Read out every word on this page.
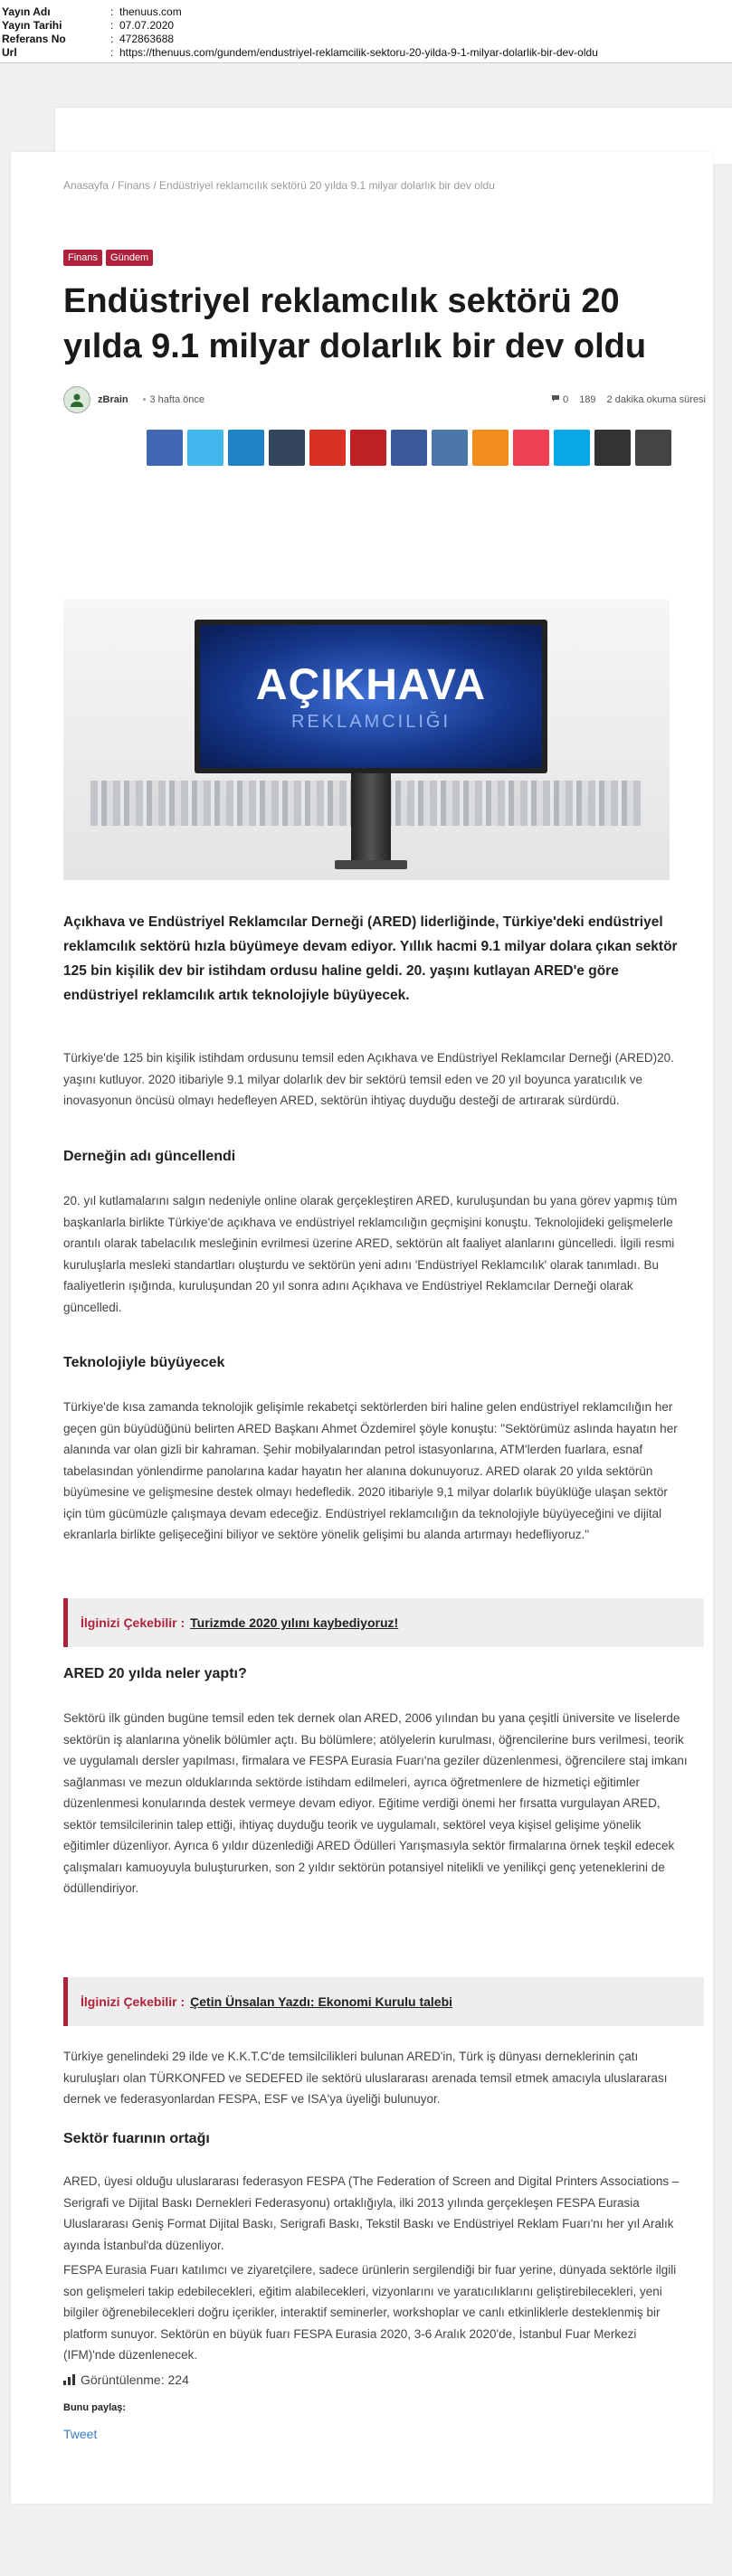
Yayın Adı	: thenuus.com
Yayın Tarihi	: 07.07.2020
Referans No	: 472863688
Url	: https://thenuus.com/gundem/endustriyel-reklamcilik-sektoru-20-yilda-9-1-milyar-dolarlik-bir-dev-oldu
Anasayfa / Finans / Endüstriyel reklamcılık sektörü 20 yılda 9.1 milyar dolarlık bir dev oldu
Finans	Gündem
Endüstriyel reklamcılık sektörü 20 yılda 9.1 milyar dolarlık bir dev oldu
zBrain • 3 hafta önce	0 189 2 dakika okuma süresi
AÇIKHAVA
REKLAMCILIĞI

Açıkhava ve Endüstriyel Reklamcılar Derneği (ARED) liderliğinde, Türkiye'deki endüstriyel reklamcılık sektörü hızla büyümeye devam ediyor. Yıllık hacmi 9.1 milyar dolara çıkan sektör 125 bin kişilik dev bir istihdam ordusu haline geldi. 20. yaşını kutlayan ARED'e göre endüstriyel reklamcılık artık teknolojiyle büyüyecek.

Türkiye'de 125 bin kişilik istihdam ordusunu temsil eden Açıkhava ve Endüstriyel Reklamcılar Derneği (ARED)20. yaşını kutluyor. 2020 itibariyle 9.1 milyar dolarlık dev bir sektörü temsil eden ve 20 yıl boyunca yaratıcılık ve inovasyonun öncüsü olmayı hedefleyen ARED, sektörün ihtiyaç duyduğu desteği de artırarak sürdürdü.

Derneğin adı güncellendi

20. yıl kutlamalarını salgın nedeniyle online olarak gerçekleştiren ARED, kuruluşundan bu yana görev yapmış tüm başkanlarla birlikte Türkiye'de açıkhava ve endüstriyel reklamcılığın geçmişini konuştu. Teknolojideki gelişmelerle orantılı olarak tabelacılık mesleğinin evrilmesi üzerine ARED, sektörün alt faaliyet alanlarını güncelledi. İlgili resmi kuruluşlarla mesleki standartları oluşturdu ve sektörün yeni adını 'Endüstriyel Reklamcılık' olarak tanımladı. Bu faaliyetlerin ışığında, kuruluşundan 20 yıl sonra adını Açıkhava ve Endüstriyel Reklamcılar Derneği olarak güncelledi.

Teknolojiyle büyüyecek

Türkiye'de kısa zamanda teknolojik gelişimle rekabetçi sektörlerden biri haline gelen endüstriyel reklamcılığın her geçen gün büyüdüğünü belirten ARED Başkanı Ahmet Özdemirel şöyle konuştu: "Sektörümüz aslında hayatın her alanında var olan gizli bir kahraman. Şehir mobilyalarından petrol istasyonlarına, ATM'lerden fuarlara, esnaf tabelasından yönlendirme panolarına kadar hayatın her alanına dokunuyoruz. ARED olarak 20 yılda sektörün büyümesine ve gelişmesine destek olmayı hedefledik. 2020 itibariyle 9,1 milyar dolarlık büyüklüğe ulaşan sektör için tüm gücümüzle çalışmaya devam edeceğiz. Endüstriyel reklamcılığın da teknolojiyle büyüyeceğini ve dijital ekranlarla birlikte gelişeceğini biliyor ve sektöre yönelik gelişimi bu alanda artırmayı hedefliyoruz."

İlginizi Çekebilir : Turizmde 2020 yılını kaybediyoruz!
ARED 20 yılda neler yaptı?

Sektörü ilk günden bugüne temsil eden tek dernek olan ARED, 2006 yılından bu yana çeşitli üniversite ve liselerde sektörün iş alanlarına yönelik bölümler açtı. Bu bölümlere; atölyelerin kurulması, öğrencilerine burs verilmesi, teorik ve uygulamalı dersler yapılması, firmalara ve FESPA Eurasia Fuarı'na geziler düzenlenmesi, öğrencilere staj imkanı sağlanması ve mezun olduklarında sektörde istihdam edilmeleri, ayrıca öğretmenlere de hizmetiçi eğitimler düzenlenmesi konularında destek vermeye devam ediyor. Eğitime verdiği önemi her fırsatta vurgulayan ARED, sektör temsilcilerinin talep ettiği, ihtiyaç duyduğu teorik ve uygulamalı, sektörel veya kişisel gelişime yönelik eğitimler düzenliyor. Ayrıca 6 yıldır düzenlediği ARED Ödülleri Yarışmasıyla sektör firmalarına örnek teşkil edecek çalışmaları kamuoyuyla buluştururken, son 2 yıldır sektörün potansiyel nitelikli ve yenilikçi genç yeteneklerini de ödüllendiriyor.

İlginizi Çekebilir : Çetin Ünsalan Yazdı: Ekonomi Kurulu talebi

Türkiye genelindeki 29 ilde ve K.K.T.C'de temsilcilikleri bulunan ARED'in, Türk iş dünyası derneklerinin çatı kuruluşları olan TÜRKONFED ve SEDEFED ile sektörü uluslararası arenada temsil etmek amacıyla uluslararası dernek ve federasyonlardan FESPA, ESF ve ISA'ya üyeliği bulunuyor.

Sektör fuarının ortağı

ARED, üyesi olduğu uluslararası federasyon FESPA (The Federation of Screen and Digital Printers Associations – Serigrafi ve Dijital Baskı Dernekleri Federasyonu) ortaklığıyla, ilki 2013 yılında gerçekleşen FESPA Eurasia Uluslararası Geniş Format Dijital Baskı, Serigrafi Baskı, Tekstil Baskı ve Endüstriyel Reklam Fuarı'nı her yıl Aralık ayında İstanbul'da düzenliyor.

FESPA Eurasia Fuarı katılımcı ve ziyaretçilere, sadece ürünlerin sergilendiği bir fuar yerine, dünyada sektörle ilgili son gelişmeleri takip edebilecekleri, eğitim alabilecekleri, vizyonlarını ve yaratıcılıklarını geliştirebilecekleri, yeni bilgiler öğrenebilecekleri doğru içerikler, interaktif seminerler, workshoplar ve canlı etkinliklerle desteklenmiş bir platform sunuyor. Sektörün en büyük fuarı FESPA Eurasia 2020, 3-6 Aralık 2020'de, İstanbul Fuar Merkezi (IFM)'nde düzenlenecek.

Görüntülenme: 224
Bunu paylaş:
Tweet
